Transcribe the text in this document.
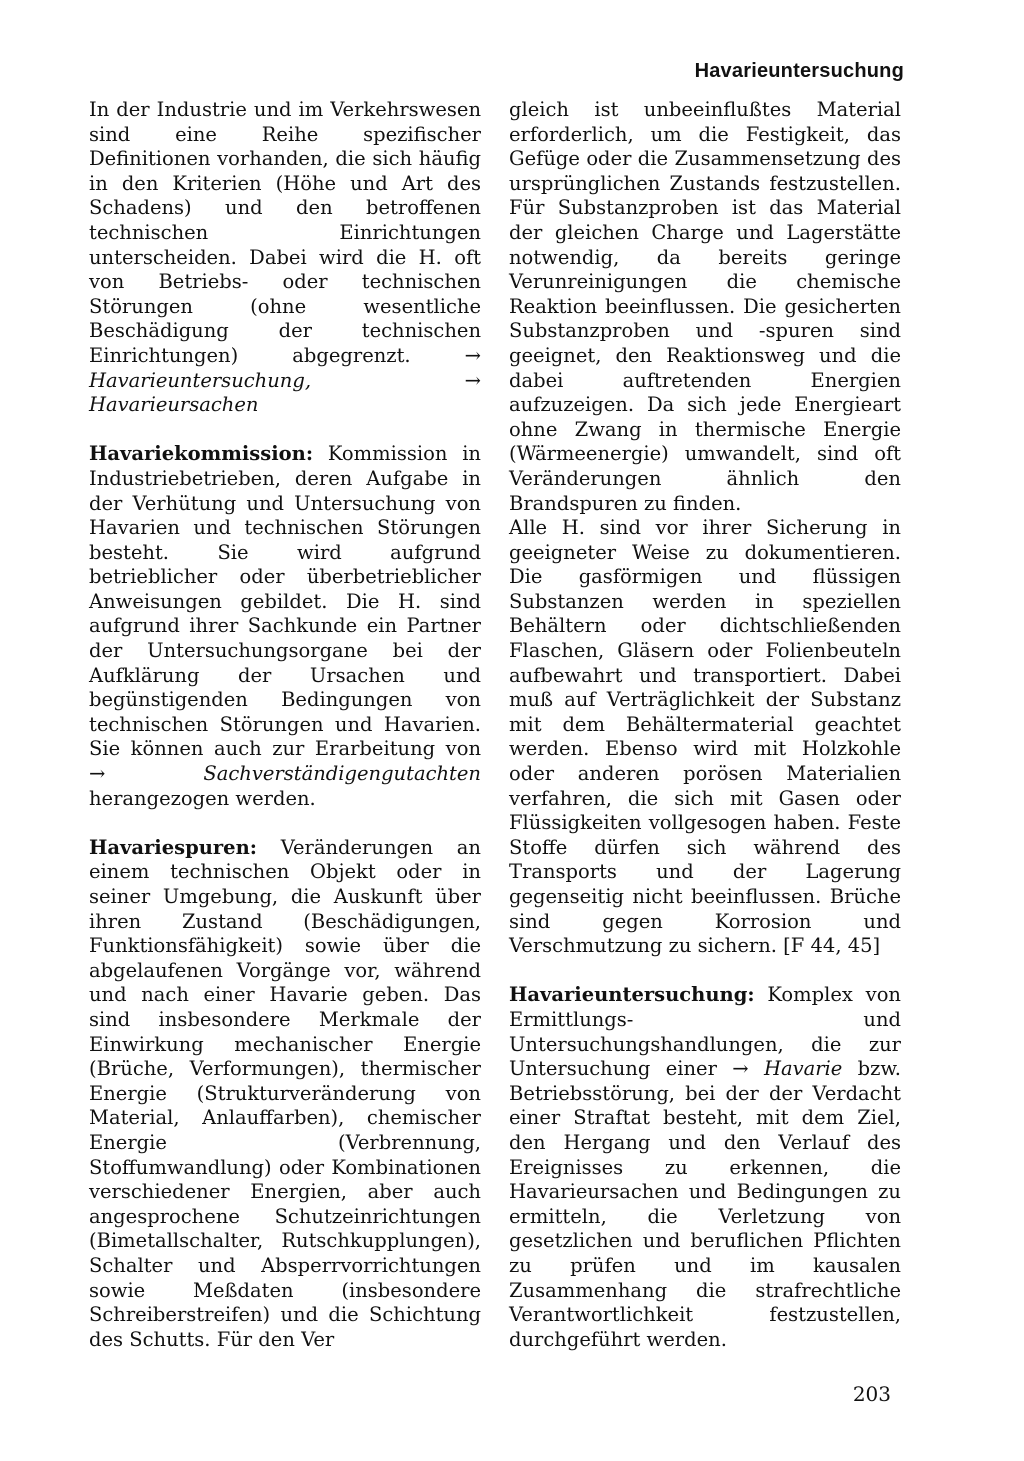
Havarieuntersuchung

In der Industrie und im Verkehrswesen sind eine Reihe spezifischer Definitionen vorhanden, die sich häufig in den Kriterien (Höhe und Art des Schadens) und den betroffenen technischen Einrichtungen unterscheiden. Dabei wird die H. oft von Betriebs- oder technischen Störungen (ohne wesentliche Beschädigung der technischen Einrichtungen) abgegrenzt. → Havarieuntersuchung, → Havarieursachen

Havariekommission: Kommission in Industriebetrieben, deren Aufgabe in der Verhütung und Untersuchung von Havarien und technischen Störungen besteht. Sie wird aufgrund betrieblicher oder überbetrieblicher Anweisungen gebildet. Die H. sind aufgrund ihrer Sachkunde ein Partner der Untersuchungsorgane bei der Aufklärung der Ursachen und begünstigenden Bedingungen von technischen Störungen und Havarien. Sie können auch zur Erarbeitung von → Sachverständigengutachten herangezogen werden.

Havariespuren: Veränderungen an einem technischen Objekt oder in seiner Umgebung, die Auskunft über ihren Zustand (Beschädigungen, Funktionsfähigkeit) sowie über die abgelaufenen Vorgänge vor, während und nach einer Havarie geben. Das sind insbesondere Merkmale der Einwirkung mechanischer Energie (Brüche, Verformungen), thermischer Energie (Strukturveränderung von Material, Anlauffarben), chemischer Energie (Verbrennung, Stoffumwandlung) oder Kombinationen verschiedener Energien, aber auch angesprochene Schutzeinrichtungen (Bimetallschalter, Rutschkupplungen), Schalter und Absperrvorrichtungen sowie Meßdaten (insbesondere Schreiberstreifen) und die Schichtung des Schutts. Für den Ver

gleich ist unbeeinflußtes Material erforderlich, um die Festigkeit, das Gefüge oder die Zusammensetzung des ursprünglichen Zustands festzustellen. Für Substanzproben ist das Material der gleichen Charge und Lagerstätte notwendig, da bereits geringe Verunreinigungen die chemische Reaktion beeinflussen. Die gesicherten Substanzproben und -spuren sind geeignet, den Reaktionsweg und die dabei auftretenden Energien aufzuzeigen. Da sich jede Energieart ohne Zwang in thermische Energie (Wärmeenergie) umwandelt, sind oft Veränderungen ähnlich den Brandspuren zu finden.

Alle H. sind vor ihrer Sicherung in geeigneter Weise zu dokumentieren. Die gasförmigen und flüssigen Substanzen werden in speziellen Behältern oder dichtschließenden Flaschen, Gläsern oder Folienbeuteln aufbewahrt und transportiert. Dabei muß auf Verträglichkeit der Substanz mit dem Behältermaterial geachtet werden. Ebenso wird mit Holzkohle oder anderen porösen Materialien verfahren, die sich mit Gasen oder Flüssigkeiten vollgesogen haben. Feste Stoffe dürfen sich während des Transports und der Lagerung gegenseitig nicht beeinflussen. Brüche sind gegen Korrosion und Verschmutzung zu sichern. [F 44, 45]

Havarieuntersuchung: Komplex von Ermittlungs- und Untersuchungshandlungen, die zur Untersuchung einer → Havarie bzw. Betriebsstörung, bei der der Verdacht einer Straftat besteht, mit dem Ziel, den Hergang und den Verlauf des Ereignisses zu erkennen, die Havarieursachen und Bedingungen zu ermitteln, die Verletzung von gesetzlichen und beruflichen Pflichten zu prüfen und im kausalen Zusammenhang die strafrechtliche Verantwortlichkeit festzustellen, durchgeführt werden.

203
